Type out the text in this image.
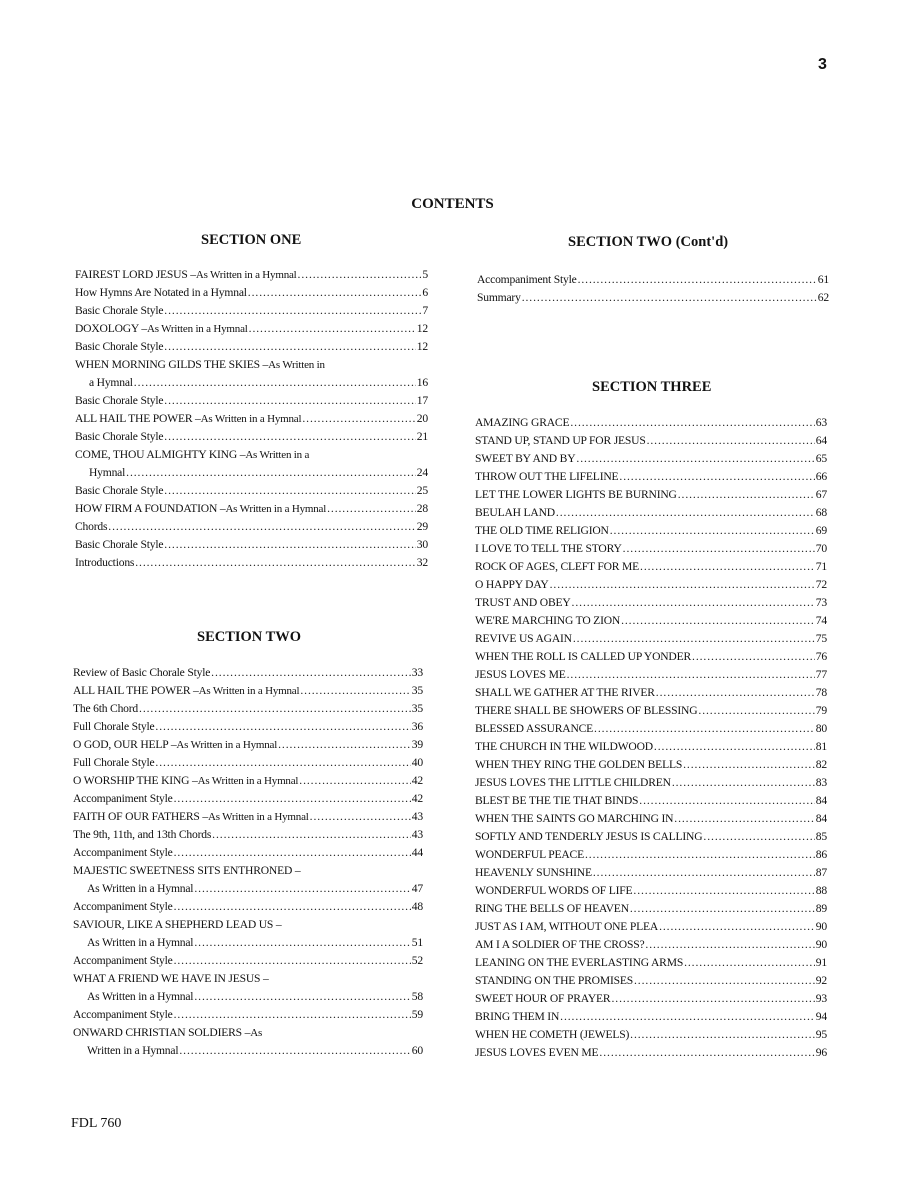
3
CONTENTS
SECTION ONE
FAIREST LORD JESUS – As Written in a Hymnal . . .	5
How Hymns Are Notated in a Hymnal . . .	6
Basic Chorale Style . . .	7
DOXOLOGY – As Written in a Hymnal . . .	12
Basic Chorale Style . . .	12
WHEN MORNING GILDS THE SKIES – As Written in
a Hymnal . . .	16
Basic Chorale Style . . .	17
ALL HAIL THE POWER – As Written in a Hymnal . . .	20
Basic Chorale Style . . .	21
COME, THOU ALMIGHTY KING – As Written in a
Hymnal . . .	24
Basic Chorale Style . . .	25
HOW FIRM A FOUNDATION – As Written in a Hymnal . . .	28
Chords . . .	29
Basic Chorale Style . . .	30
Introductions . . .	32
SECTION TWO
Review of Basic Chorale Style . . .	33
ALL HAIL THE POWER – As Written in a Hymnal . . .	35
The 6th Chord . . .	35
Full Chorale Style . . .	36
O GOD, OUR HELP – As Written in a Hymnal . . .	39
Full Chorale Style . . .	40
O WORSHIP THE KING – As Written in a Hymnal . . .	42
Accompaniment Style . . .	42
FAITH OF OUR FATHERS – As Written in a Hymnal . . .	43
The 9th, 11th, and 13th Chords . . .	43
Accompaniment Style . . .	44
MAJESTIC SWEETNESS SITS ENTHRONED –
As Written in a Hymnal . . .	47
Accompaniment Style . . .	48
SAVIOUR, LIKE A SHEPHERD LEAD US –
As Written in a Hymnal . . .	51
Accompaniment Style . . .	52
WHAT A FRIEND WE HAVE IN JESUS –
As Written in a Hymnal . . .	58
Accompaniment Style . . .	59
ONWARD CHRISTIAN SOLDIERS – As
Written in a Hymnal . . .	60
SECTION TWO (Cont'd)
Accompaniment Style . . .	61
Summary . . .	62
SECTION THREE
AMAZING GRACE . . .	63
STAND UP, STAND UP FOR JESUS . . .	64
SWEET BY AND BY . . .	65
THROW OUT THE LIFELINE . . .	66
LET THE LOWER LIGHTS BE BURNING . . .	67
BEULAH LAND . . .	68
THE OLD TIME RELIGION . . .	69
I LOVE TO TELL THE STORY . . .	70
ROCK OF AGES, CLEFT FOR ME . . .	71
O HAPPY DAY . . .	72
TRUST AND OBEY . . .	73
WE'RE MARCHING TO ZION . . .	74
REVIVE US AGAIN . . .	75
WHEN THE ROLL IS CALLED UP YONDER . . .	76
JESUS LOVES ME . . .	77
SHALL WE GATHER AT THE RIVER . . .	78
THERE SHALL BE SHOWERS OF BLESSING . . .	79
BLESSED ASSURANCE . . .	80
THE CHURCH IN THE WILDWOOD . . .	81
WHEN THEY RING THE GOLDEN BELLS . . .	82
JESUS LOVES THE LITTLE CHILDREN . . .	83
BLEST BE THE TIE THAT BINDS . . .	84
WHEN THE SAINTS GO MARCHING IN . . .	84
SOFTLY AND TENDERLY JESUS IS CALLING . . .	85
WONDERFUL PEACE . . .	86
HEAVENLY SUNSHINE . . .	87
WONDERFUL WORDS OF LIFE . . .	88
RING THE BELLS OF HEAVEN . . .	89
JUST AS I AM, WITHOUT ONE PLEA . . .	90
AM I A SOLDIER OF THE CROSS? . . .	90
LEANING ON THE EVERLASTING ARMS . . .	91
STANDING ON THE PROMISES . . .	92
SWEET HOUR OF PRAYER . . .	93
BRING THEM IN . . .	94
WHEN HE COMETH (JEWELS) . . .	95
JESUS LOVES EVEN ME . . .	96
FDL 760
